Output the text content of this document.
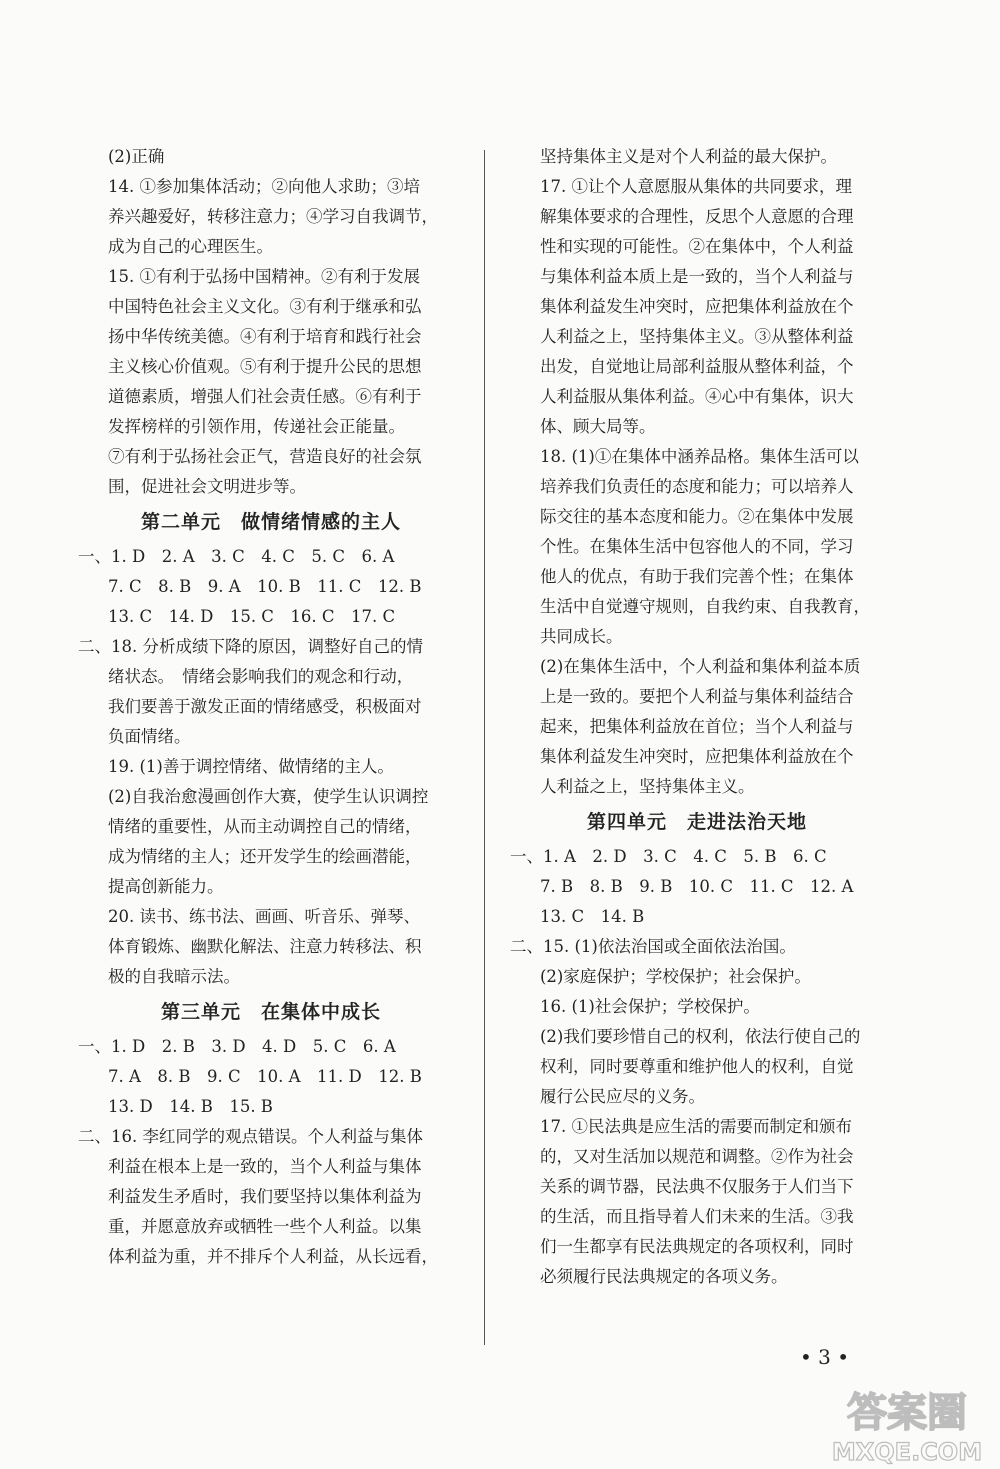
(2)正确
14. ①参加集体活动；②向他人求助；③培
养兴趣爱好，转移注意力；④学习自我调节，
成为自己的心理医生。
15. ①有利于弘扬中国精神。②有利于发展
中国特色社会主义文化。③有利于继承和弘
扬中华传统美德。④有利于培育和践行社会
主义核心价值观。⑤有利于提升公民的思想
道德素质，增强人们社会责任感。⑥有利于
发挥榜样的引领作用，传递社会正能量。
⑦有利于弘扬社会正气，营造良好的社会氛
围，促进社会文明进步等。
第二单元　做情绪情感的主人
一、1. D　2. A　3. C　4. C　5. C　6. A
7. C　8. B　9. A　10. B　11. C　12. B
13. C　14. D　15. C　16. C　17. C
二、18. 分析成绩下降的原因，调整好自己的情
绪状态。　情绪会影响我们的观念和行动，
我们要善于激发正面的情绪感受，积极面对
负面情绪。
19. (1)善于调控情绪、做情绪的主人。
(2)自我治愈漫画创作大赛，使学生认识调控
情绪的重要性，从而主动调控自己的情绪，
成为情绪的主人；还开发学生的绘画潜能，
提高创新能力。
20. 读书、练书法、画画、听音乐、弹琴、
体育锻炼、幽默化解法、注意力转移法、积
极的自我暗示法。
第三单元　在集体中成长
一、1. D　2. B　3. D　4. D　5. C　6. A
7. A　8. B　9. C　10. A　11. D　12. B
13. D　14. B　15. B
二、16. 李红同学的观点错误。个人利益与集体
利益在根本上是一致的，当个人利益与集体
利益发生矛盾时，我们要坚持以集体利益为
重，并愿意放弃或牺牲一些个人利益。以集
体利益为重，并不排斥个人利益，从长远看，
坚持集体主义是对个人利益的最大保护。
17. ①让个人意愿服从集体的共同要求，理
解集体要求的合理性，反思个人意愿的合理
性和实现的可能性。②在集体中，个人利益
与集体利益本质上是一致的，当个人利益与
集体利益发生冲突时，应把集体利益放在个
人利益之上，坚持集体主义。③从整体利益
出发，自觉地让局部利益服从整体利益，个
人利益服从集体利益。④心中有集体，识大
体、顾大局等。
18. (1)①在集体中涵养品格。集体生活可以
培养我们负责任的态度和能力；可以培养人
际交往的基本态度和能力。②在集体中发展
个性。在集体生活中包容他人的不同，学习
他人的优点，有助于我们完善个性；在集体
生活中自觉遵守规则，自我约束、自我教育，
共同成长。
(2)在集体生活中，个人利益和集体利益本质
上是一致的。要把个人利益与集体利益结合
起来，把集体利益放在首位；当个人利益与
集体利益发生冲突时，应把集体利益放在个
人利益之上，坚持集体主义。
第四单元　走进法治天地
一、1. A　2. D　3. C　4. C　5. B　6. C
7. B　8. B　9. B　10. C　11. C　12. A
13. C　14. B
二、15. (1)依法治国或全面依法治国。
(2)家庭保护；学校保护；社会保护。
16. (1)社会保护；学校保护。
(2)我们要珍惜自己的权利，依法行使自己的
权利，同时要尊重和维护他人的权利，自觉
履行公民应尽的义务。
17. ①民法典是应生活的需要而制定和颁布
的，又对生活加以规范和调整。②作为社会
关系的调节器，民法典不仅服务于人们当下
的生活，而且指导着人们未来的生活。③我
们一生都享有民法典规定的各项权利，同时
必须履行民法典规定的各项义务。
• 3 •
答案圈
MXQE.COM
